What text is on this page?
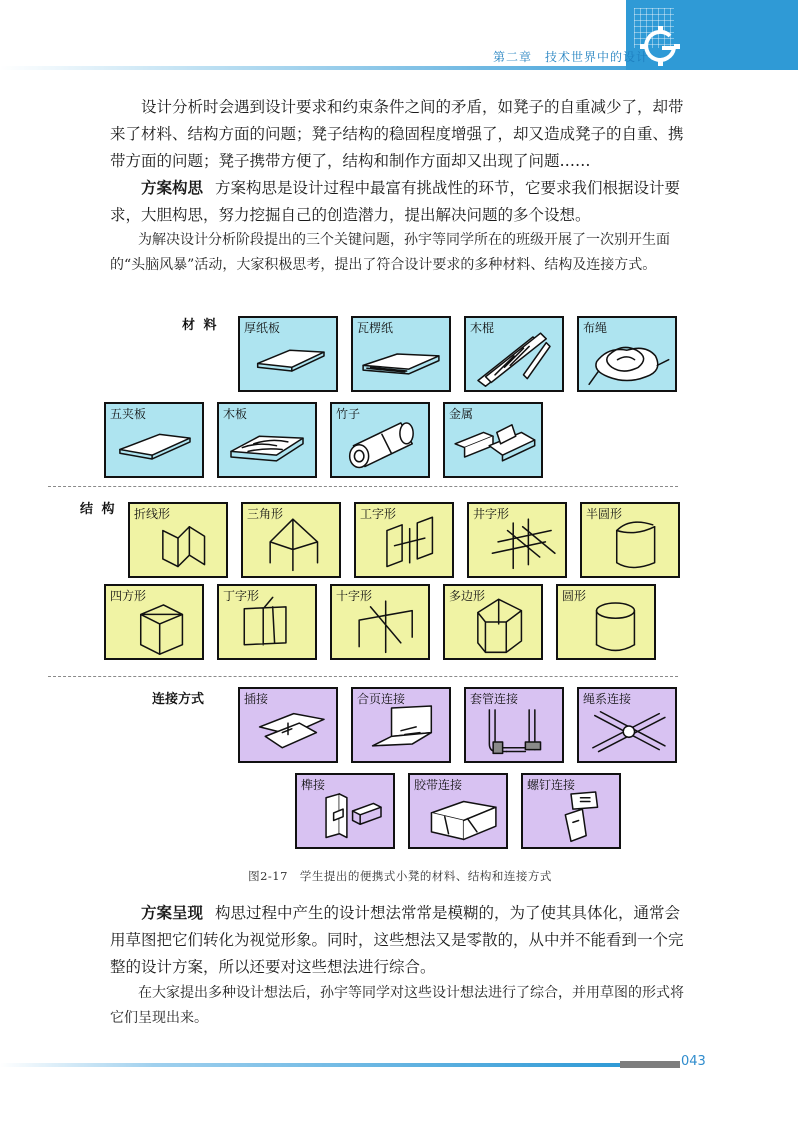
第二章　技术世界中的设计

设计分析时会遇到设计要求和约束条件之间的矛盾，如凳子的自重减少了，却带来了材料、结构方面的问题；凳子结构的稳固程度增强了，却又造成凳子的自重、携带方面的问题；凳子携带方便了，结构和制作方面却又出现了问题……

方案构思 方案构思是设计过程中最富有挑战性的环节，它要求我们根据设计要求，大胆构思，努力挖掘自己的创造潜力，提出解决问题的多个设想。

为解决设计分析阶段提出的三个关键问题，孙宇等同学所在的班级开展了一次别开生面的“头脑风暴”活动，大家积极思考，提出了符合设计要求的多种材料、结构及连接方式。

材 料 厚纸板	瓦楞纸	木棍	布绳
五夹板	木板	竹子	金属
结 构 折线形	三角形	工字形	井字形	半圆形
四方形	丁字形	十字形	多边形	圆形
连接方式	插接	合页连接	套管连接	绳系连接
榫接	胶带连接	螺钉连接
图2-17　学生提出的便携式小凳的材料、结构和连接方式

方案呈现 构思过程中产生的设计想法常常是模糊的，为了使其具体化，通常会用草图把它们转化为视觉形象。同时，这些想法又是零散的，从中并不能看到一个完整的设计方案，所以还要对这些想法进行综合。

在大家提出多种设计想法后，孙宇等同学对这些设计想法进行了综合，并用草图的形式将它们呈现出来。

043
